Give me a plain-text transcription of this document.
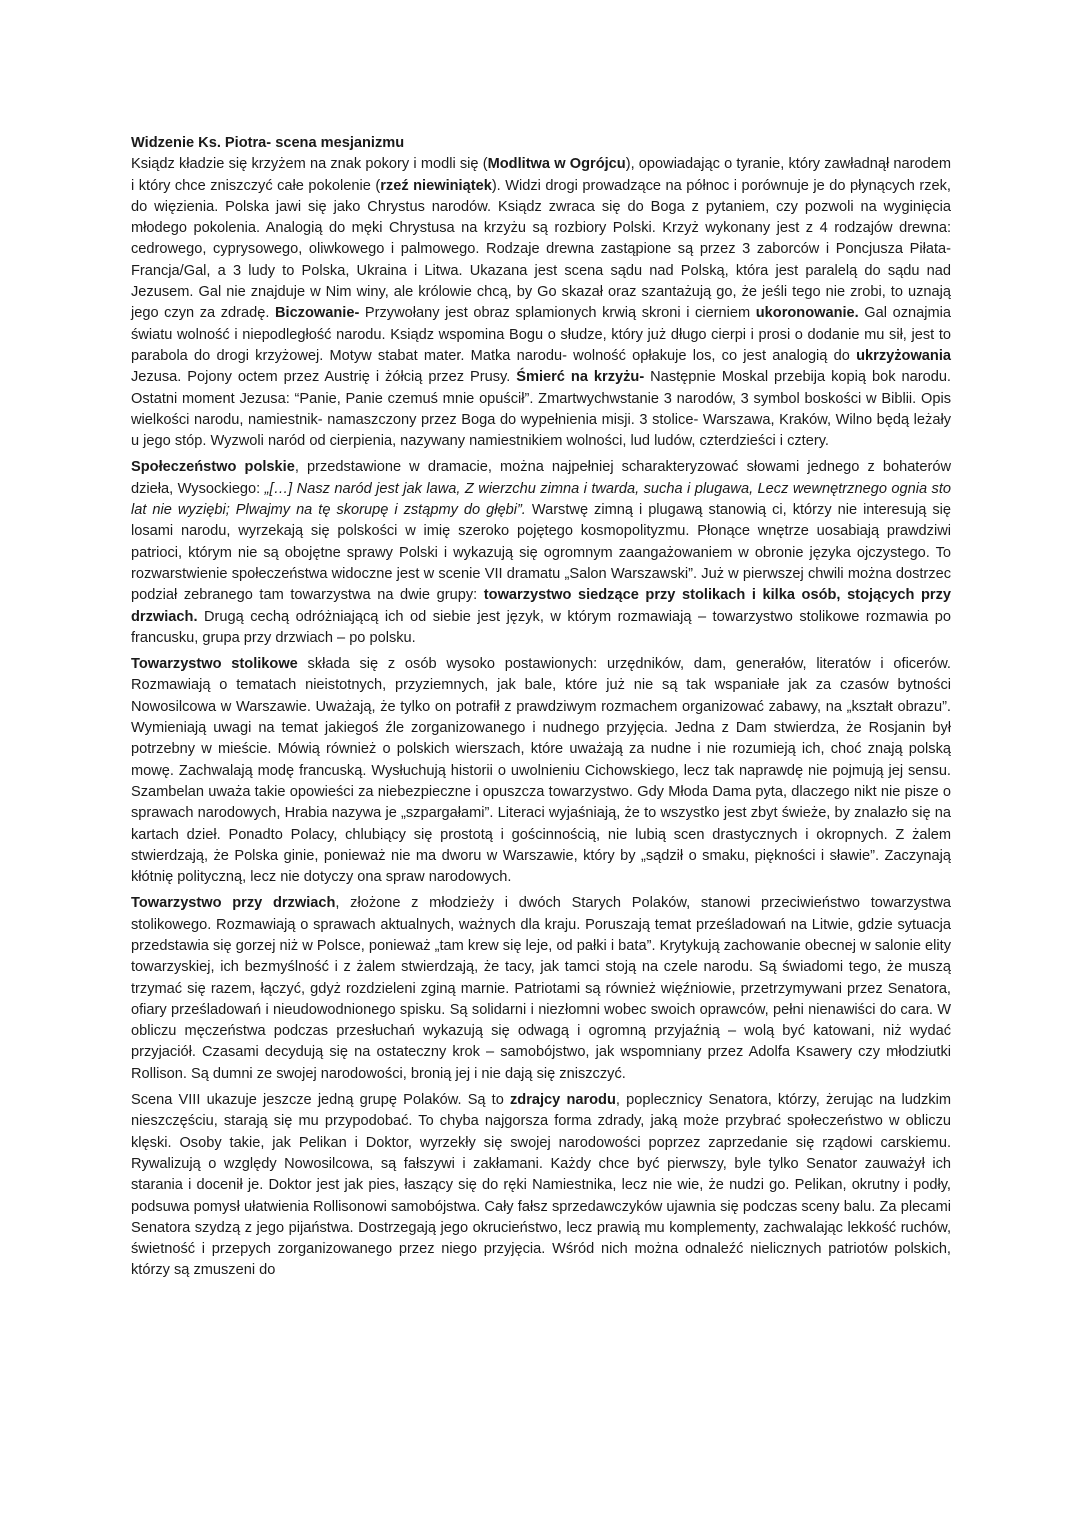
Widzenie Ks. Piotra- scena mesjanizmu

Ksiądz kładzie się krzyżem na znak pokory i modli się (Modlitwa w Ogrójcu), opowiadając o tyranie, który zawładnął narodem i który chce zniszczyć całe pokolenie (rzeź niewiniątek). Widzi drogi prowadzące na północ i porównuje je do płynących rzek, do więzienia. Polska jawi się jako Chrystus narodów. Ksiądz zwraca się do Boga z pytaniem, czy pozwoli na wyginięcia młodego pokolenia. Analogią do męki Chrystusa na krzyżu są rozbiory Polski. Krzyż wykonany jest z 4 rodzajów drewna: cedrowego, cyprysowego, oliwkowego i palmowego. Rodzaje drewna zastąpione są przez 3 zaborców i Poncjusza Piłata-Francja/Gal, a 3 ludy to Polska, Ukraina i Litwa. Ukazana jest scena sądu nad Polską, która jest paralelą do sądu nad Jezusem. Gal nie znajduje w Nim winy, ale królowie chcą, by Go skazał oraz szantażują go, że jeśli tego nie zrobi, to uznają jego czyn za zdradę. Biczowanie- Przywołany jest obraz splamionych krwią skroni i cierniem ukoronowanie. Gal oznajmia światu wolność i niepodległość narodu. Ksiądz wspomina Bogu o słudze, który już długo cierpi i prosi o dodanie mu sił, jest to parabola do drogi krzyżowej. Motyw stabat mater. Matka narodu- wolność opłakuje los, co jest analogią do ukrzyżowania Jezusa. Pojony octem przez Austrię i żółcią przez Prusy. Śmierć na krzyżu- Następnie Moskal przebija kopią bok narodu. Ostatni moment Jezusa: “Panie, Panie czemuś mnie opuścił”. Zmartwychwstanie 3 narodów, 3 symbol boskości w Biblii. Opis wielkości narodu, namiestnik- namaszczony przez Boga do wypełnienia misji. 3 stolice- Warszawa, Kraków, Wilno będą leżały u jego stóp. Wyzwoli naród od cierpienia, nazywany namiestnikiem wolności, lud ludów, czterdzieści i cztery.

Społeczeństwo polskie, przedstawione w dramacie, można najpełniej scharakteryzować słowami jednego z bohaterów dzieła, Wysockiego: „[…] Nasz naród jest jak lawa, Z wierzchu zimna i twarda, sucha i plugawa, Lecz wewnętrznego ognia sto lat nie wyziębi; Plwajmy na tę skorupę i zstąpmy do głębi”. Warstwę zimną i plugawą stanowią ci, którzy nie interesują się losami narodu, wyrzekają się polskości w imię szeroko pojętego kosmopolityzmu. Płonące wnętrze uosabiają prawdziwi patrioci, którym nie są obojętne sprawy Polski i wykazują się ogromnym zaangażowaniem w obronie języka ojczystego. To rozwarstwienie społeczeństwa widoczne jest w scenie VII dramatu „Salon Warszawski”. Już w pierwszej chwili można dostrzec podział zebranego tam towarzystwa na dwie grupy: towarzystwo siedzące przy stolikach i kilka osób, stojących przy drzwiach. Drugą cechą odróżniającą ich od siebie jest język, w którym rozmawiają – towarzystwo stolikowe rozmawia po francusku, grupa przy drzwiach – po polsku.

Towarzystwo stolikowe składa się z osób wysoko postawionych: urzędników, dam, generałów, literatów i oficerów. Rozmawiają o tematach nieistotnych, przyziemnych, jak bale, które już nie są tak wspaniałe jak za czasów bytności Nowosilcowa w Warszawie. Uważają, że tylko on potrafił z prawdziwym rozmachem organizować zabawy, na „kształt obrazu”. Wymieniają uwagi na temat jakiegoś źle zorganizowanego i nudnego przyjęcia. Jedna z Dam stwierdza, że Rosjanin był potrzebny w mieście. Mówią również o polskich wierszach, które uważają za nudne i nie rozumieją ich, choć znają polską mowę. Zachwalają modę francuską. Wysłuchują historii o uwolnieniu Cichowskiego, lecz tak naprawdę nie pojmują jej sensu. Szambelan uważa takie opowieści za niebezpieczne i opuszcza towarzystwo. Gdy Młoda Dama pyta, dlaczego nikt nie pisze o sprawach narodowych, Hrabia nazywa je „szpargałami”. Literaci wyjaśniają, że to wszystko jest zbyt świeże, by znalazło się na kartach dzieł. Ponadto Polacy, chlubiący się prostotą i gościnnością, nie lubią scen drastycznych i okropnych. Z żalem stwierdzają, że Polska ginie, ponieważ nie ma dworu w Warszawie, który by „sądził o smaku, piękności i sławie”. Zaczynają kłótnię polityczną, lecz nie dotyczy ona spraw narodowych.

Towarzystwo przy drzwiach, złożone z młodzieży i dwóch Starych Polaków, stanowi przeciwieństwo towarzystwa stolikowego. Rozmawiają o sprawach aktualnych, ważnych dla kraju. Poruszają temat prześladowań na Litwie, gdzie sytuacja przedstawia się gorzej niż w Polsce, ponieważ „tam krew się leje, od pałki i bata”. Krytykują zachowanie obecnej w salonie elity towarzyskiej, ich bezmyślność i z żalem stwierdzają, że tacy, jak tamci stoją na czele narodu. Są świadomi tego, że muszą trzymać się razem, łączyć, gdyż rozdzieleni zginą marnie. Patriotami są również więźniowie, przetrzymywani przez Senatora, ofiary prześladowań i nieudowodnionego spisku. Są solidarni i niezłomni wobec swoich oprawców, pełni nienawiści do cara. W obliczu męczeństwa podczas przesłuchań wykazują się odwagą i ogromną przyjaźnią – wolą być katowani, niż wydać przyjaciół. Czasami decydują się na ostateczny krok – samobójstwo, jak wspomniany przez Adolfa Ksawery czy młodziutki Rollison. Są dumni ze swojej narodowości, bronią jej i nie dają się zniszczyć.

Scena VIII ukazuje jeszcze jedną grupę Polaków. Są to zdrajcy narodu, poplecznicy Senatora, którzy, żerując na ludzkim nieszczęściu, starają się mu przypodobać. To chyba najgorsza forma zdrady, jaką może przybrać społeczeństwo w obliczu klęski. Osoby takie, jak Pelikan i Doktor, wyrzekły się swojej narodowości poprzez zaprzedanie się rządowi carskiemu. Rywalizują o względy Nowosilcowa, są fałszywi i zakłamani. Każdy chce być pierwszy, byle tylko Senator zauważył ich starania i docenił je. Doktor jest jak pies, łaszący się do ręki Namiestnika, lecz nie wie, że nudzi go. Pelikan, okrutny i podły, podsuwa pomysł ułatwienia Rollisonowi samobójstwa. Cały fałsz sprzedawczyków ujawnia się podczas sceny balu. Za plecami Senatora szydzą z jego pijaństwa. Dostrzegają jego okrucieństwo, lecz prawią mu komplementy, zachwalając lekkość ruchów, świetność i przepych zorganizowanego przez niego przyjęcia. Wśród nich można odnaleźć nielicznych patriotów polskich, którzy są zmuszeni do
